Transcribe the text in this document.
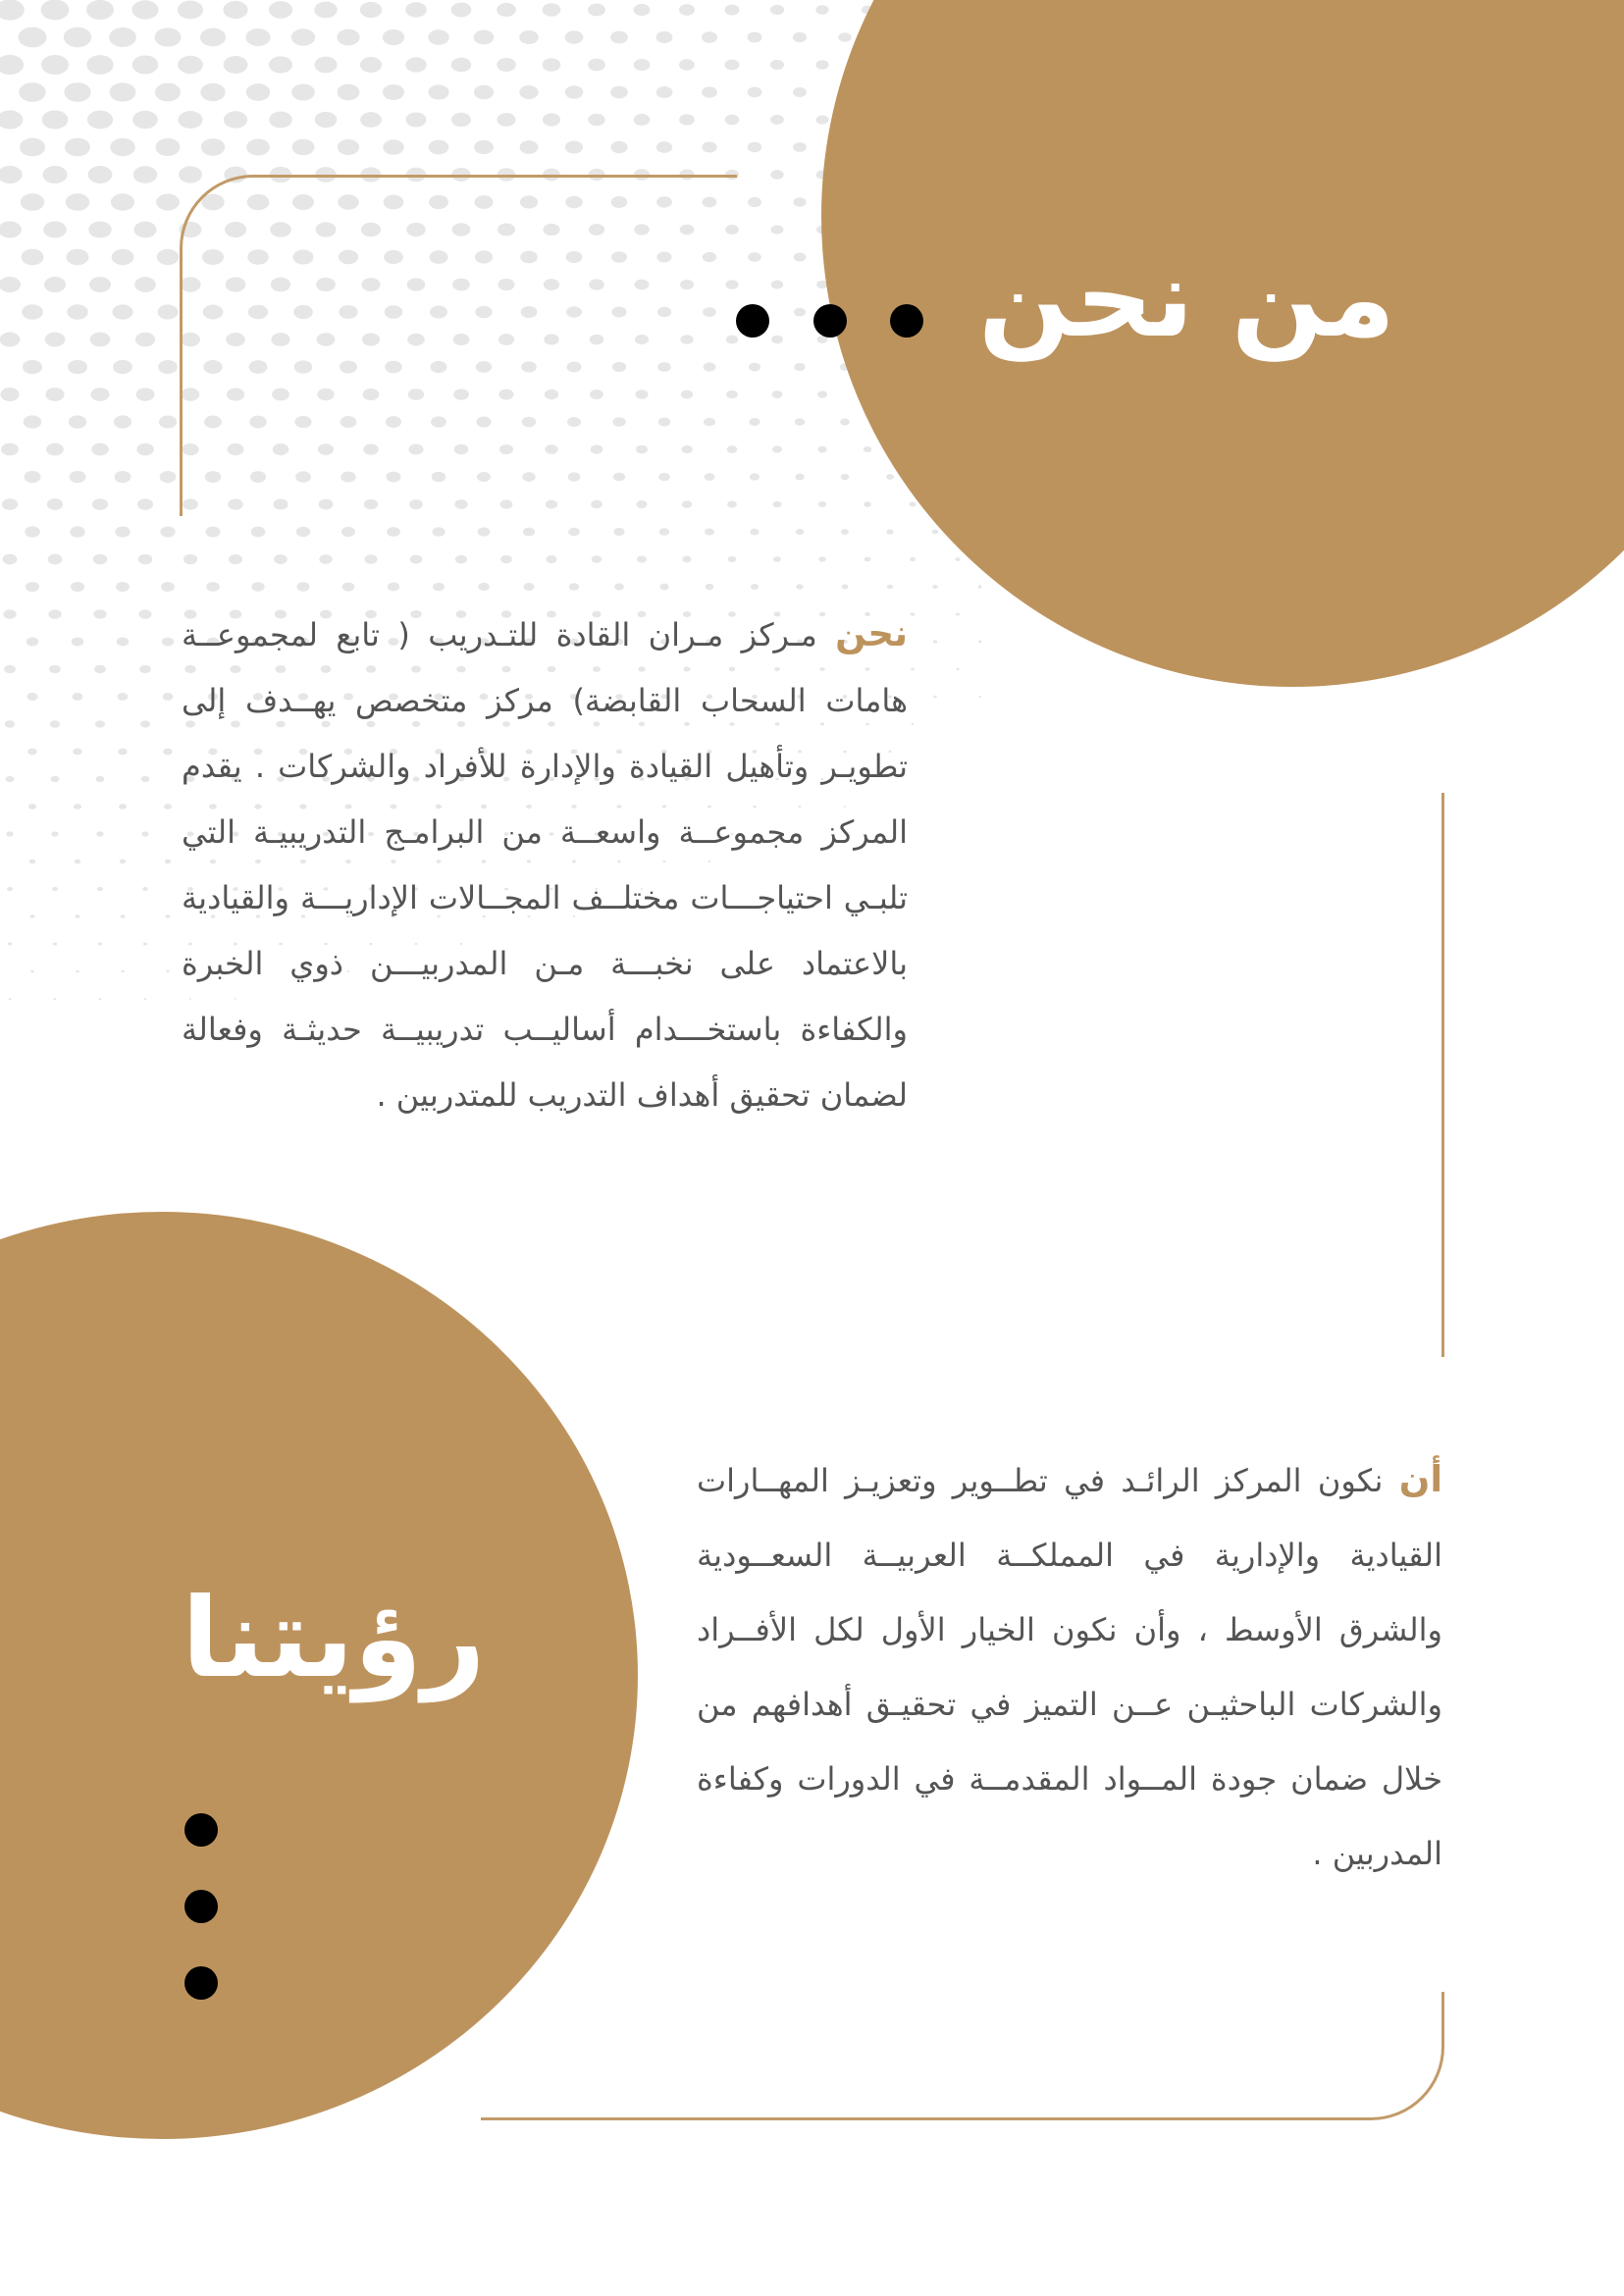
من نحن

نحن مـركز مـران القادة للتـدريب ( تابع لمجموعــة هامات السحاب القابضة) مركز متخصص يهــدف إلى تطويـر وتأهيل القيادة والإدارة للأفراد والشركات . يقدم المركز مجموعــة واسعــة من البرامـج التدريبيـة التي تلبـي احتياجـــات مختلــف المجــالات الإداريـــة والقيادية بالاعتماد على نخبـــة مـن المدربيـــن ذوي الخبرة والكفاءة باستخـــدام أساليــب تدريبيــة حديثـة وفعالة لضمان تحقيق أهداف التدريب للمتدربين .

رؤيتنا

أن نكون المركز الرائـد في تطــوير وتعزيـز المهــارات القيادية والإدارية في المملكــة العربيــة السعــودية والشرق الأوسط ، وأن نكون الخيار الأول لكل الأفــراد والشركات الباحثيـن عــن التميز في تحقيـق أهدافهم من خلال ضمان جودة المــواد المقدمــة في الدورات وكفاءة المدربين .
